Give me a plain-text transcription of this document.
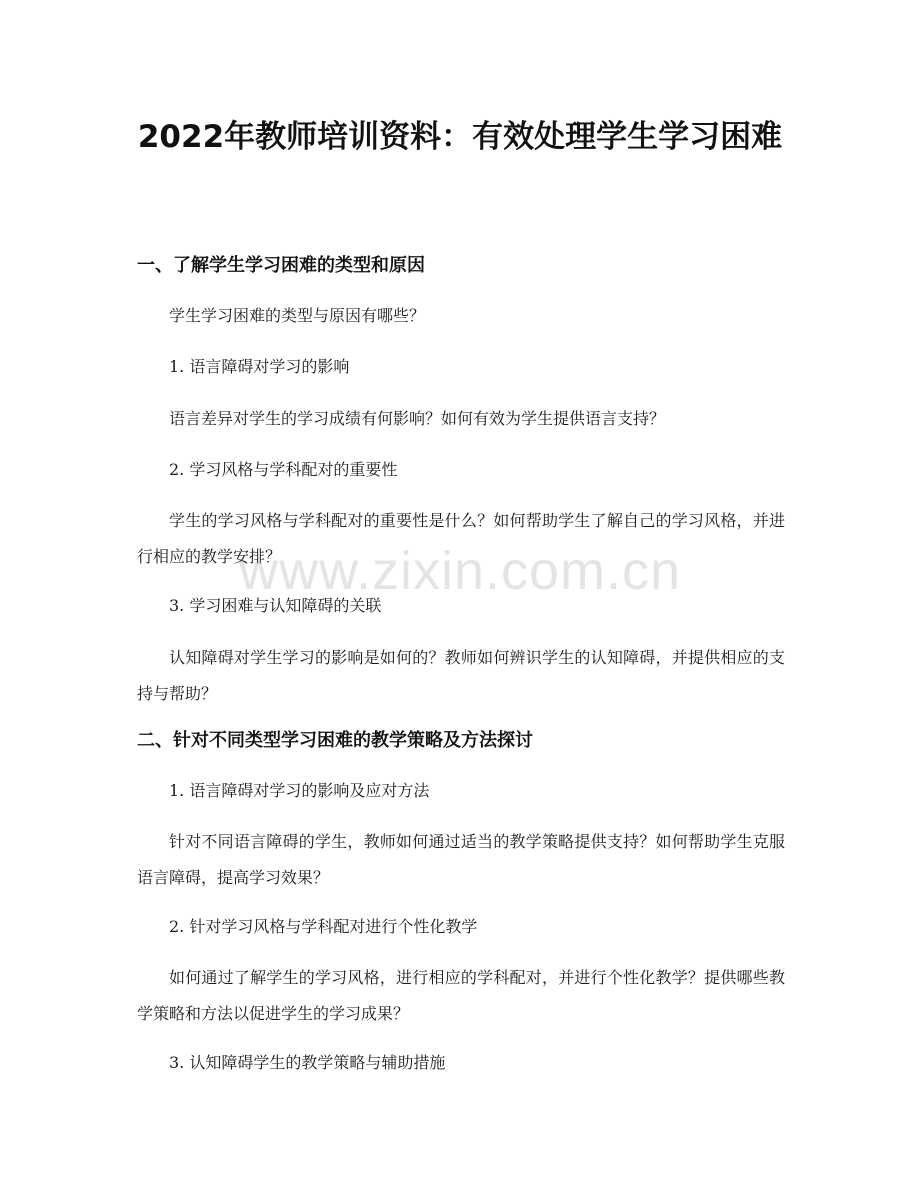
2022年教师培训资料：有效处理学生学习困难
一、了解学生学习困难的类型和原因
学生学习困难的类型与原因有哪些？
1. 语言障碍对学习的影响
语言差异对学生的学习成绩有何影响？如何有效为学生提供语言支持？
2. 学习风格与学科配对的重要性
学生的学习风格与学科配对的重要性是什么？如何帮助学生了解自己的学习风格，并进行相应的教学安排？
3. 学习困难与认知障碍的关联
认知障碍对学生学习的影响是如何的？教师如何辨识学生的认知障碍，并提供相应的支持与帮助？
二、针对不同类型学习困难的教学策略及方法探讨
1. 语言障碍对学习的影响及应对方法
针对不同语言障碍的学生，教师如何通过适当的教学策略提供支持？如何帮助学生克服语言障碍，提高学习效果？
2. 针对学习风格与学科配对进行个性化教学
如何通过了解学生的学习风格，进行相应的学科配对，并进行个性化教学？提供哪些教学策略和方法以促进学生的学习成果？
3. 认知障碍学生的教学策略与辅助措施
www.zixin.com.cn
